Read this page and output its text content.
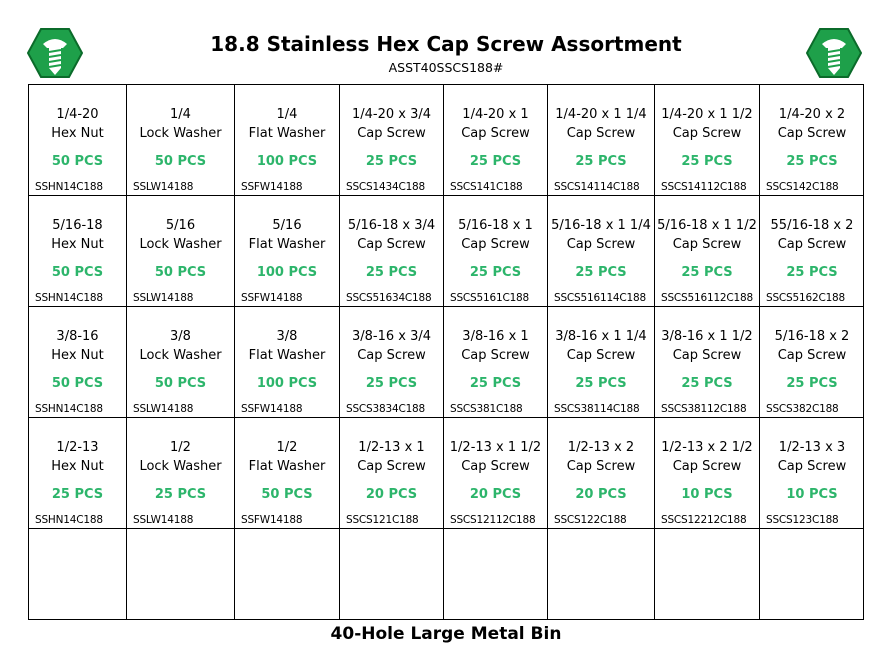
18.8 Stainless Hex Cap Screw Assortment
ASST40SSCS188#
1/4-20
Hex Nut
50 PCS
SSHN14C188
1/4
Lock Washer
50 PCS
SSLW14188
1/4
Flat Washer
100 PCS
SSFW14188
1/4-20 x 3/4
Cap Screw
25 PCS
SSCS1434C188
1/4-20 x 1
Cap Screw
25 PCS
SSCS141C188
1/4-20 x 1 1/4
Cap Screw
25 PCS
SSCS14114C188
1/4-20 x 1 1/2
Cap Screw
25 PCS
SSCS14112C188
1/4-20 x 2
Cap Screw
25 PCS
SSCS142C188
5/16-18
Hex Nut
50 PCS
SSHN14C188
5/16
Lock Washer
50 PCS
SSLW14188
5/16
Flat Washer
100 PCS
SSFW14188
5/16-18 x 3/4
Cap Screw
25 PCS
SSCS51634C188
5/16-18 x 1
Cap Screw
25 PCS
SSCS5161C188
5/16-18 x 1 1/4
Cap Screw
25 PCS
SSCS516114C188
5/16-18 x 1 1/2
Cap Screw
25 PCS
SSCS516112C188
55/16-18 x 2
Cap Screw
25 PCS
SSCS5162C188
3/8-16
Hex Nut
50 PCS
SSHN14C188
3/8
Lock Washer
50 PCS
SSLW14188
3/8
Flat Washer
100 PCS
SSFW14188
3/8-16 x 3/4
Cap Screw
25 PCS
SSCS3834C188
3/8-16 x 1
Cap Screw
25 PCS
SSCS381C188
3/8-16 x 1 1/4
Cap Screw
25 PCS
SSCS38114C188
3/8-16 x 1 1/2
Cap Screw
25 PCS
SSCS38112C188
5/16-18 x 2
Cap Screw
25 PCS
SSCS382C188
1/2-13
Hex Nut
25 PCS
SSHN14C188
1/2
Lock Washer
25 PCS
SSLW14188
1/2
Flat Washer
50 PCS
SSFW14188
1/2-13 x 1
Cap Screw
20 PCS
SSCS121C188
1/2-13 x 1 1/2
Cap Screw
20 PCS
SSCS12112C188
1/2-13 x 2
Cap Screw
20 PCS
SSCS122C188
1/2-13 x 2 1/2
Cap Screw
10 PCS
SSCS12212C188
1/2-13 x 3
Cap Screw
10 PCS
SSCS123C188
40-Hole Large Metal Bin
